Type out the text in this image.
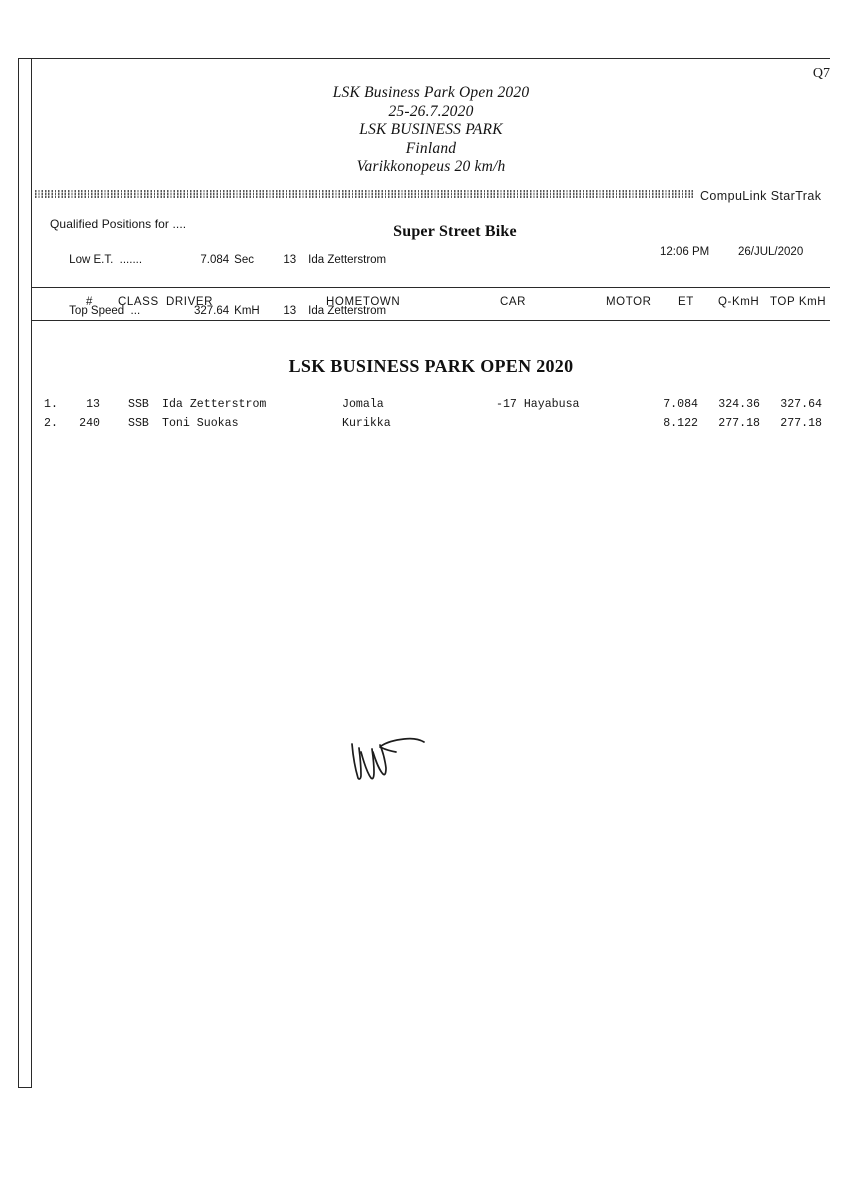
Q7
LSK Business Park Open 2020
25-26.7.2020
LSK BUSINESS PARK
Finland
Varikkonopeus 20 km/h
CompuLink StarTrak
Qualified Positions for ....

Low E.T.  .......	7.084 Sec	13 Ida Zetterstrom

Top Speed  ...	327.64 KmH 13 Ida Zetterstrom

Super Street Bike
12:06 PM	26/JUL/2020
# CLASS DRIVER	HOMETOWN	CAR	MOTOR ET Q-KmH TOP KmH
LSK BUSINESS PARK OPEN 2020
1.	13 SSB Ida Zetterstrom	Jomala	-17 Hayabusa	7.084	324.36	327.64
2.	240 SSB Toni Suokas	Kurikka	8.122	277.18	277.18
